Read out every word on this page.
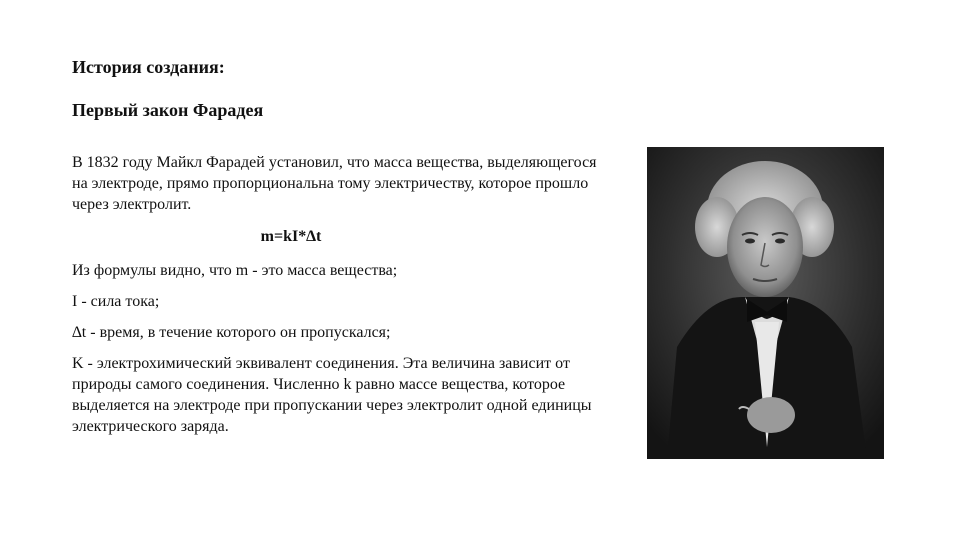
История создания:
Первый закон Фарадея

В 1832 году Майкл Фарадей установил, что масса вещества, выделяющегося на электроде, прямо пропорциональна тому электричеству, которое прошло через электролит.

m=kI*∆t

Из формулы видно, что m - это масса вещества;

I - сила тока;

∆t - время, в течение которого он пропускался;

K - электрохимический эквивалент соединения. Эта величина зависит от природы самого соединения. Численно k равно массе вещества, которое выделяется на электроде при пропускании через электролит одной единицы электрического заряда.
